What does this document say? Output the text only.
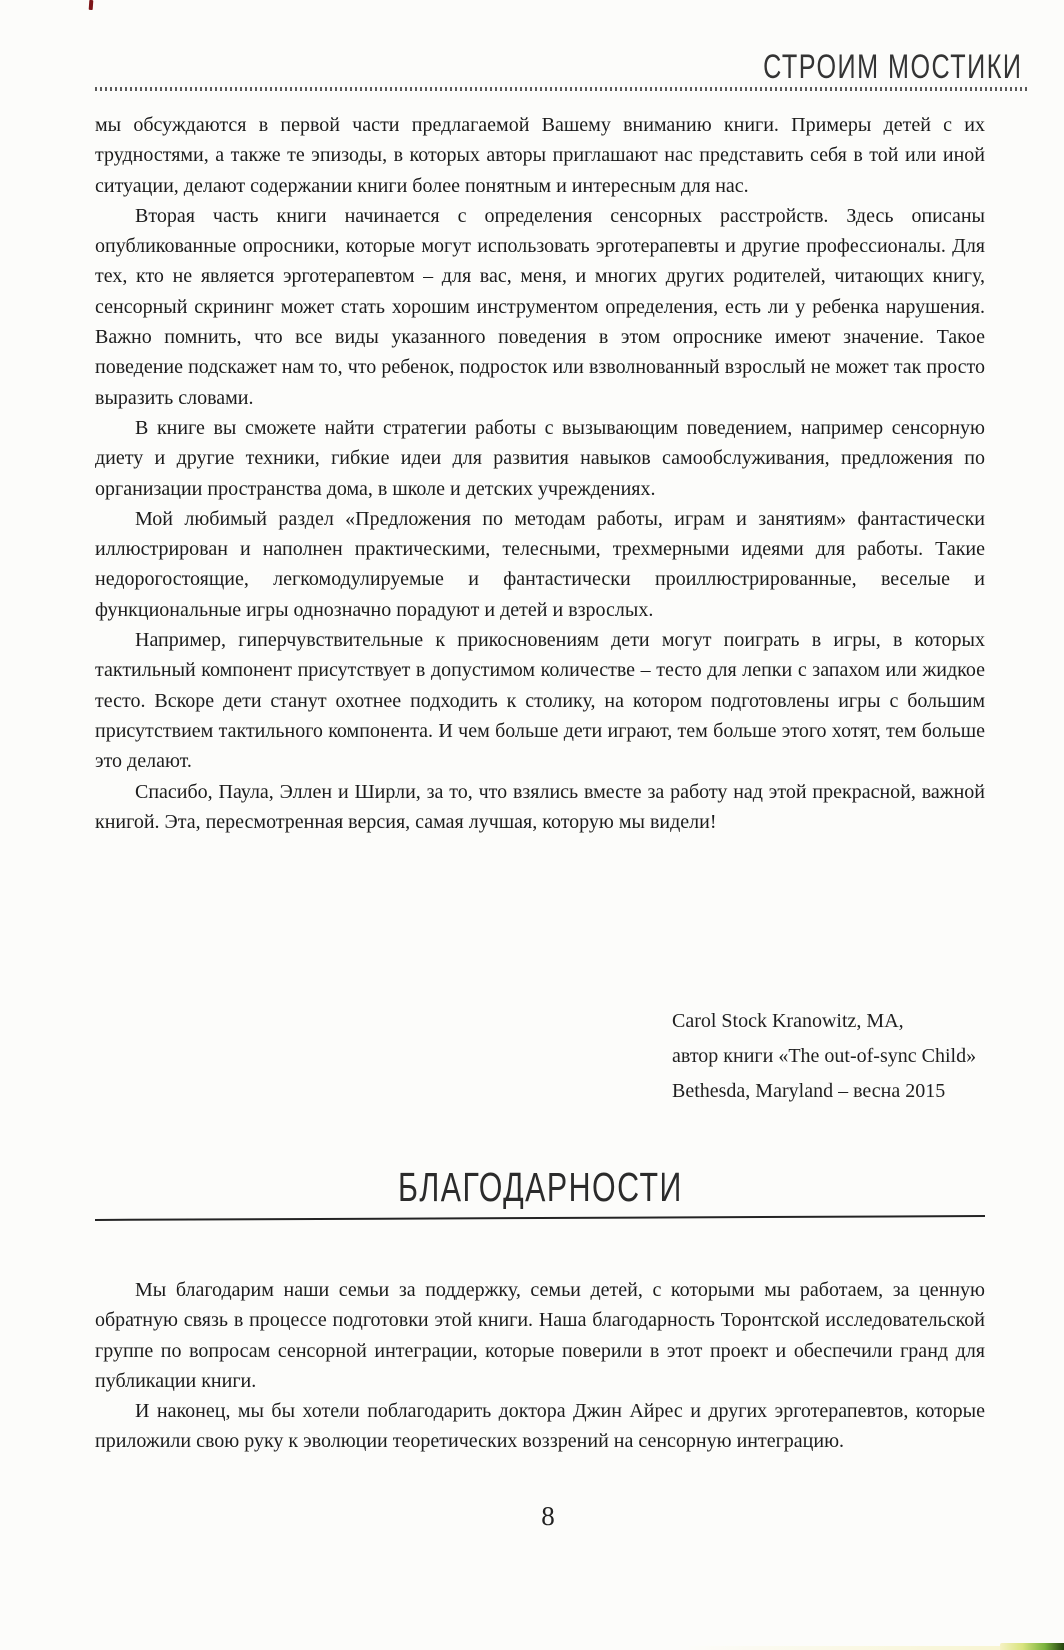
СТРОИМ МОСТИКИ

мы обсуждаются в первой части предлагаемой Вашему вниманию книги. Примеры детей с их трудностями, а также те эпизоды, в которых авторы приглашают нас представить себя в той или иной ситуации, делают содержании книги более понятным и интересным для нас.

Вторая часть книги начинается с определения сенсорных расстройств. Здесь описаны опубликованные опросники, которые могут использовать эрготерапевты и другие профессионалы. Для тех, кто не является эрготерапевтом – для вас, меня, и многих других родителей, читающих книгу, сенсорный скрининг может стать хорошим инструментом определения, есть ли у ребенка нарушения. Важно помнить, что все виды указанного поведения в этом опроснике имеют значение. Такое поведение подскажет нам то, что ребенок, подросток или взволнованный взрослый не может так просто выразить словами.

В книге вы сможете найти стратегии работы с вызывающим поведением, например сенсорную диету и другие техники, гибкие идеи для развития навыков самообслуживания, предложения по организации пространства дома, в школе и детских учреждениях.

Мой любимый раздел «Предложения по методам работы, играм и занятиям» фантастически иллюстрирован и наполнен практическими, телесными, трехмерными идеями для работы. Такие недорогостоящие, легкомодулируемые и фантастически проиллюстрированные, веселые и функциональные игры однозначно порадуют и детей и взрослых.

Например, гиперчувствительные к прикосновениям дети могут поиграть в игры, в которых тактильный компонент присутствует в допустимом количестве – тесто для лепки с запахом или жидкое тесто. Вскоре дети станут охотнее подходить к столику, на котором подготовлены игры с большим присутствием тактильного компонента. И чем больше дети играют, тем больше этого хотят, тем больше это делают.

Спасибо, Паула, Эллен и Ширли, за то, что взялись вместе за работу над этой прекрасной, важной книгой. Эта, пересмотренная версия, самая лучшая, которую мы видели!

Carol Stock Kranowitz, MA,
автор книги «The out-of-sync Child»
Bethesda, Maryland – весна 2015
БЛАГОДАРНОСТИ

Мы благодарим наши семьи за поддержку, семьи детей, с которыми мы работаем, за ценную обратную связь в процессе подготовки этой книги. Наша благодарность Торонтской исследовательской группе по вопросам сенсорной интеграции, которые поверили в этот проект и обеспечили гранд для публикации книги.

И наконец, мы бы хотели поблагодарить доктора Джин Айрес и других эрготерапевтов, которые приложили свою руку к эволюции теоретических воззрений на сенсорную интеграцию.

8
